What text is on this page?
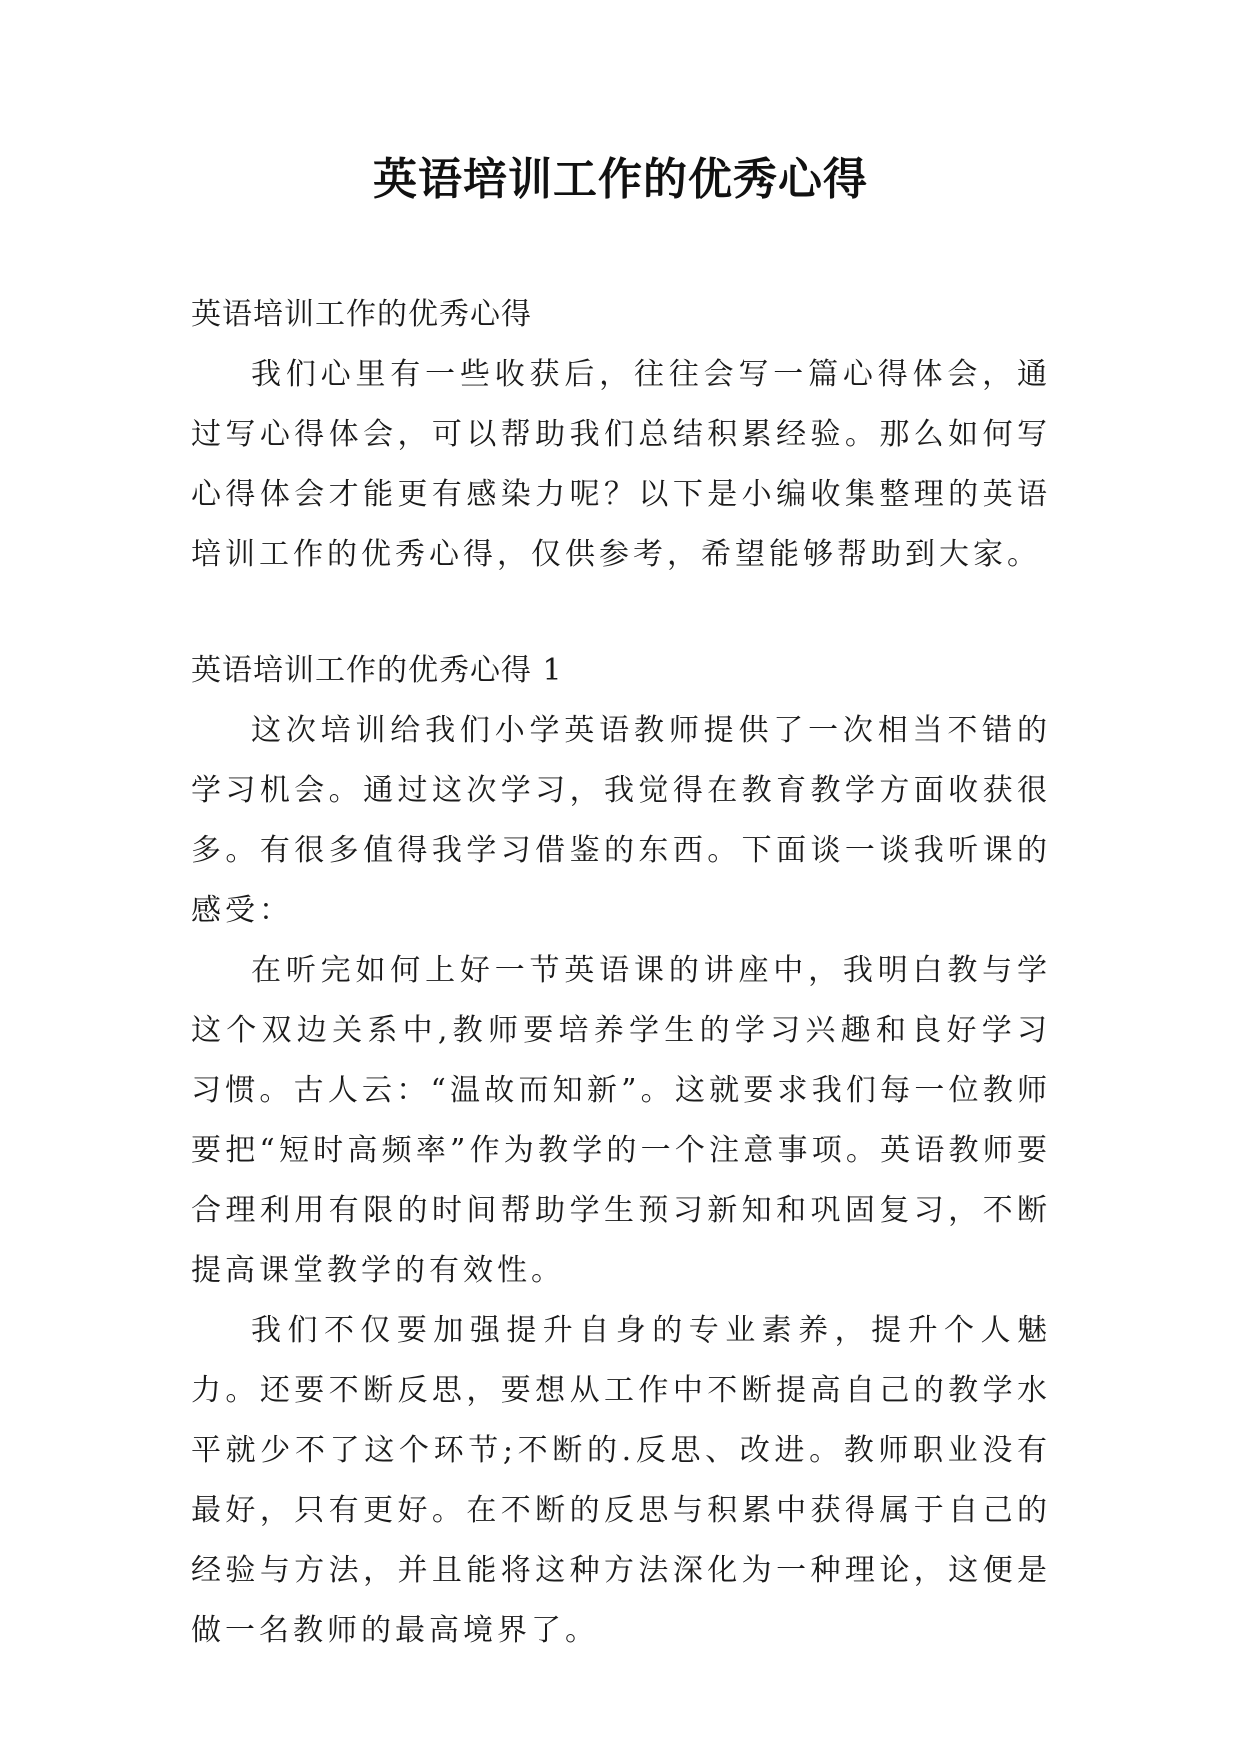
英语培训工作的优秀心得

英语培训工作的优秀心得

我们心里有一些收获后，往往会写一篇心得体会，通过写心得体会，可以帮助我们总结积累经验。那么如何写心得体会才能更有感染力呢？以下是小编收集整理的英语培训工作的优秀心得，仅供参考，希望能够帮助到大家。

英语培训工作的优秀心得 1

这次培训给我们小学英语教师提供了一次相当不错的学习机会。通过这次学习，我觉得在教育教学方面收获很多。有很多值得我学习借鉴的东西。下面谈一谈我听课的感受：

在听完如何上好一节英语课的讲座中，我明白教与学这个双边关系中,教师要培养学生的学习兴趣和良好学习习惯。古人云：“温故而知新”。这就要求我们每一位教师要把“短时高频率”作为教学的一个注意事项。英语教师要合理利用有限的时间帮助学生预习新知和巩固复习，不断提高课堂教学的有效性。

我们不仅要加强提升自身的专业素养，提升个人魅力。还要不断反思，要想从工作中不断提高自己的教学水平就少不了这个环节;不断的.反思、改进。教师职业没有最好，只有更好。在不断的反思与积累中获得属于自己的经验与方法，并且能将这种方法深化为一种理论，这便是做一名教师的最高境界了。
